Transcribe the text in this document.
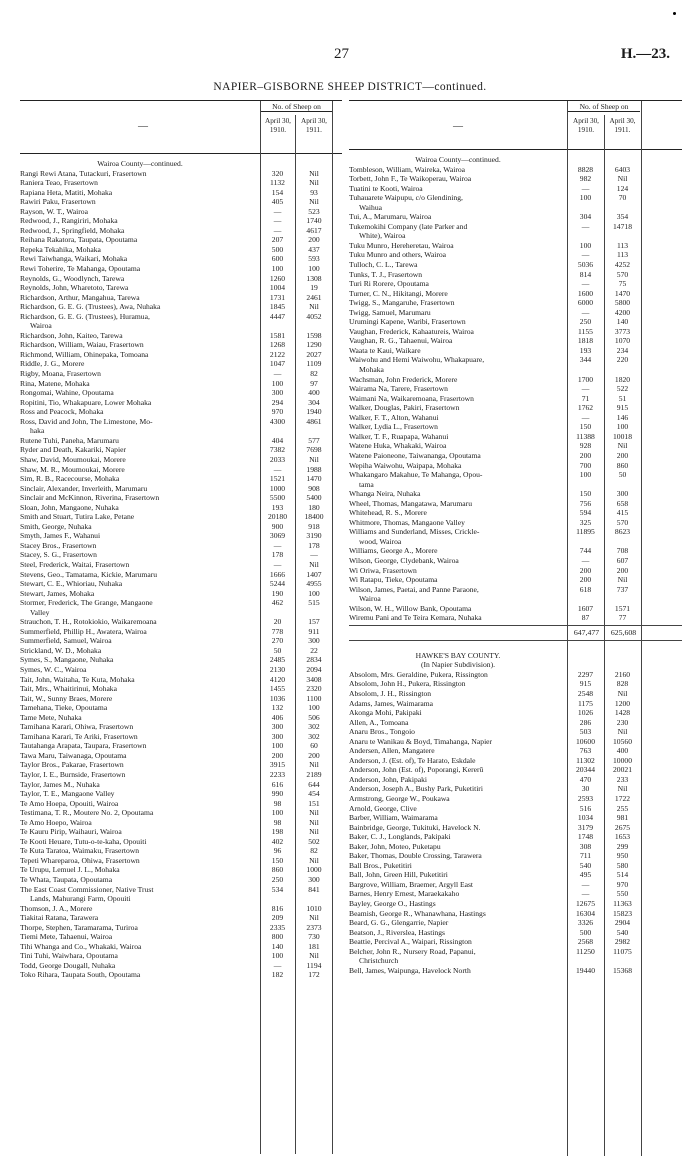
27	H.—23.
NAPIER–GISBORNE SHEEP DISTRICT—continued.
—
No. of Sheep on
April 30, 1910.
April 30, 1911.
Wairoa County—continued.
Rangi Rewi Atana, Tutackuri, Frasertown	320	Nil
Raniera Teao, Frasertown	1132	Nil
Rapiana Heta, Matiti, Mohaka	154	93
Rawiri Paku, Frasertown	405	Nil
Rayson, W. T., Wairoa	—	523
Redwood, J., Rangiriri, Mohaka	—	1740
Redwood, J., Springfield, Mohaka	—	4617
Reihana Rakatora, Taupata, Opoutama	207	200
Repeka Tekahika, Mohaka	500	437
Rewi Taiwhanga, Waikari, Mohaka	600	593
Rewi Toherire, Te Mahanga, Opoutama	100	100
Reynolds, G., Woodlynch, Tarewa	1260	1308
Reynolds, John, Wharetoto, Tarewa	1004	19
Richardson, Arthur, Mangahua, Tarewa	1731	2461
Richardson, G. E. G. (Trustees), Awa, Nuhaka	1845	Nil
Richardson, G. E. G. (Trustees), Huramua,	4447	4052
Wairoa
Richardson, John, Kaiteo, Tarewa	1581	1598
Richardson, William, Waiau, Frasertown	1268	1290
Richmond, William, Ohinepaka, Tomoana	2122	2027
Riddle, J. G., Morere	1047	1109
Rigby, Moana, Frasertown	—	82
Rina, Matene, Mohaka	100	97
Rongomai, Wahine, Opoutama	300	400
Ropitini, Tio, Whakapuare, Lower Mohaka	294	304
Ross and Peacock, Mohaka	970	1940
Ross, David and John, The Limestone, Mo-	4300	4861
haka
Rutene Tuhi, Paneha, Marumaru	404	577
Ryder and Death, Kakariki, Napier	7382	7698
Shaw, David, Moumoukai, Morere	2033	Nil
Shaw, M. R., Moumoukai, Morere	—	1988
Sim, R. B., Racecourse, Mohaka	1521	1470
Sinclair, Alexander, Inverleith, Marumaru	1000	908
Sinclair and McKinnon, Riverina, Frasertown	5500	5400
Sloan, John, Mangaone, Nuhaka	193	180
Smith and Stuart, Tutira Lake, Petane	20180	18400
Smith, George, Nuhaka	900	918
Smyth, James F., Wahanui	3069	3190
Stacey Bros., Frasertown	—	178
Stacey, S. G., Frasertown	178	—
Steel, Frederick, Waitai, Frasertown	—	Nil
Stevens, Geo., Tamatama, Kickie, Marumaru	1666	1407
Stewart, C. E., Whioriau, Nuhaka	5244	4955
Stewart, James, Mohaka	190	100
Stormer, Frederick, The Grange, Mangaone	462	515
Valley
Strauchon, T. H., Rotokiokio, Waikaremoana	20	157
Summerfield, Phillip H., Awatera, Wairoa	778	911
Summerfield, Samuel, Wairoa	270	300
Strickland, W. D., Mohaka	50	22
Symes, S., Mangaone, Nuhaka	2485	2834
Symes, W. C., Wairoa	2130	2094
Tait, John, Waitaha, Te Kuta, Mohaka	4120	3408
Tait, Mrs., Whaitirinui, Mohaka	1455	2320
Tait, W., Sunny Braes, Morere	1036	1100
Tamehana, Tieke, Opoutama	132	100
Tame Mete, Nuhaka	406	506
Tamihana Karari, Ohiwa, Frasertown	300	302
Tamihana Karari, Te Ariki, Frasertown	300	302
Tautahanga Arapata, Taupara, Frasertown	100	60
Tawa Maru, Taiwanaga, Opoutama	200	200
Taylor Bros., Pakarae, Frasertown	3915	Nil
Taylor, I. E., Burnside, Frasertown	2233	2189
Taylor, James M., Nuhaka	616	644
Taylor, T. E., Mangaone Valley	990	454
Te Amo Hoepa, Opouiti, Wairoa	98	151
Testimana, T. R., Moutere No. 2, Opoutama	100	Nil
Te Amo Hoepo, Wairoa	98	Nil
Te Kauru Pirip, Waihauri, Wairoa	198	Nil
Te Kooti Heuare, Tutu-o-te-kaha, Opouiti	402	502
Te Kuta Taratoa, Waimaku, Frasertown	96	82
Tepeti Whareparoa, Ohiwa, Frasertown	150	Nil
Te Urupu, Lemuel J. L., Mohaka	860	1000
Te Whata, Taupata, Opoutama	250	300
The East Coast Commissioner, Native Trust	534	841
Lands, Mahurangi Farm, Opouiti
Thomson, J. A., Morere	816	1010
Tiakitai Ratana, Tarawera	209	Nil
Thorpe, Stephen, Taramarama, Turiroa	2335	2373
Tiemi Mete, Tahaenui, Wairoa	800	730
Tihi Whanga and Co., Whakaki, Wairoa	140	181
Tini Tuhi, Waiwhara, Opoutama	100	Nil
Todd, George Dougall, Nuhaka	—	1194
Toko Rihara, Taupata South, Opoutama	182	172
—
No. of Sheep on
April 30, 1910.
April 30, 1911.
Wairoa County—continued.
Tombleson, William, Waireka, Wairoa	8828	6403
Torbett, John F., Te Waikoperau, Wairoa	982	Nil
Tuatini te Kooti, Wairoa	—	124
Tuhauarete Waipupu, c/o Glendining,	100	70
Waihua
Tui, A., Marumaru, Wairoa	304	354
Tukemokihi Company (late Parker and	—	14718
White), Wairoa
Tuku Munro, Hereheretau, Wairoa	100	113
Tuku Munro and others, Wairoa	—	113
Tulloch, C. L., Tarewa	5036	4252
Tunks, T. J., Frasertown	814	570
Turi Ri Rorere, Opoutama	—	75
Turner, C. N., Hikitangi, Morere	1600	1470
Twigg, S., Mangaruhe, Frasertown	6000	5800
Twigg, Samuel, Marumaru	—	4200
Urumingi Kapene, Waribi, Frasertown	250	140
Vaughan, Frederick, Kahaatureis, Wairoa	1155	3773
Vaughan, R. G., Tahaenui, Wairoa	1818	1070
Waata te Kaui, Waikare	193	234
Waiwohu and Hemi Waiwohu, Whakapuare,	344	220
Mohaka
Wachsman, John Frederick, Morere	1700	1820
Wairama Na, Tarere, Frasertown	—	522
Waimani Na, Waikaremoana, Frasertown	71	51
Walker, Douglas, Pakiri, Frasertown	1762	915
Walker, F. T., Alton, Wahanui	—	146
Walker, Lydia L., Frasertown	150	100
Walker, T. F., Ruapapa, Wahanui	11388	10018
Watene Huka, Whakaki, Wairoa	928	Nil
Watene Paioneone, Taiwananga, Opoutama	200	200
Wepiha Waiwohu, Waipapa, Mohaka	700	860
Whakangaro Makahue, Te Mahanga, Opou-	100	50
tama
Whanga Neira, Nuhaka	150	300
Wheel, Thomas, Mangatawa, Marumaru	756	658
Whitehead, R. S., Morere	594	415
Whitmore, Thomas, Mangaone Valley	325	570
Williams and Sunderland, Misses, Crickle-	11895	8623
wood, Wairoa
Williams, George A., Morere	744	708
Wilson, George, Clydebank, Wairoa	—	607
Wi Oriwa, Frasertown	200	200
Wi Ratapu, Tieke, Opoutama	200	Nil
Wilson, James, Paetai, and Panne Paraone,	618	737
Wairoa
Wilson, W. H., Willow Bank, Opoutama	1607	1571
Wiremu Pani and Te Teira Kemara, Nuhaka	87	77
647,477	625,608
HAWKE'S BAY COUNTY.
(In Napier Subdivision).
Absolom, Mrs. Geraldine, Pukera, Rissington	2297	2160
Absolom, John H., Pukera, Rissington	915	828
Absolom, J. H., Rissington	2548	Nil
Adams, James, Waimarama	1175	1200
Akonga Mohi, Pakipaki	1026	1428
Allen, A., Tomoana	286	230
Anaru Bros., Tongoio	503	Nil
Anaru te Wanikau & Boyd, Timahanga, Napier	10600	10560
Andersen, Allen, Mangatere	763	400
Anderson, J. (Est. of), Te Harato, Eskdale	11302	10000
Anderson, John (Est. of), Poporangi, Kererū	20344	20021
Anderson, John, Pakipaki	470	233
Anderson, Joseph A., Bushy Park, Puketitiri	30	Nil
Armstrong, George W., Poukawa	2593	1722
Arnold, George, Clive	516	255
Barber, William, Waimarama	1034	981
Bainbridge, George, Tukituki, Havelock N.	3179	2675
Baker, C. J., Longlands, Pakipaki	1748	1653
Baker, John, Moteo, Puketapu	308	299
Baker, Thomas, Double Crossing, Tarawera	711	950
Ball Bros., Puketitiri	540	580
Ball, John, Green Hill, Puketitiri	495	514
Bargrove, William, Braemer, Argyll East	—	970
Barnes, Henry Ernest, Maraekakaho	—	550
Bayley, George O., Hastings	12675	11363
Beamish, George R., Whanawhana, Hastings	16304	15823
Beard, G. G., Glengarrie, Napier	3326	2904
Beatson, J., Riverslea, Hastings	500	540
Beattie, Percival A., Waipari, Rissington	2568	2982
Belcher, John R., Nursery Road, Papanui,	11250	11075
Christchurch
Bell, James, Waipunga, Havelock North	19440	15368
